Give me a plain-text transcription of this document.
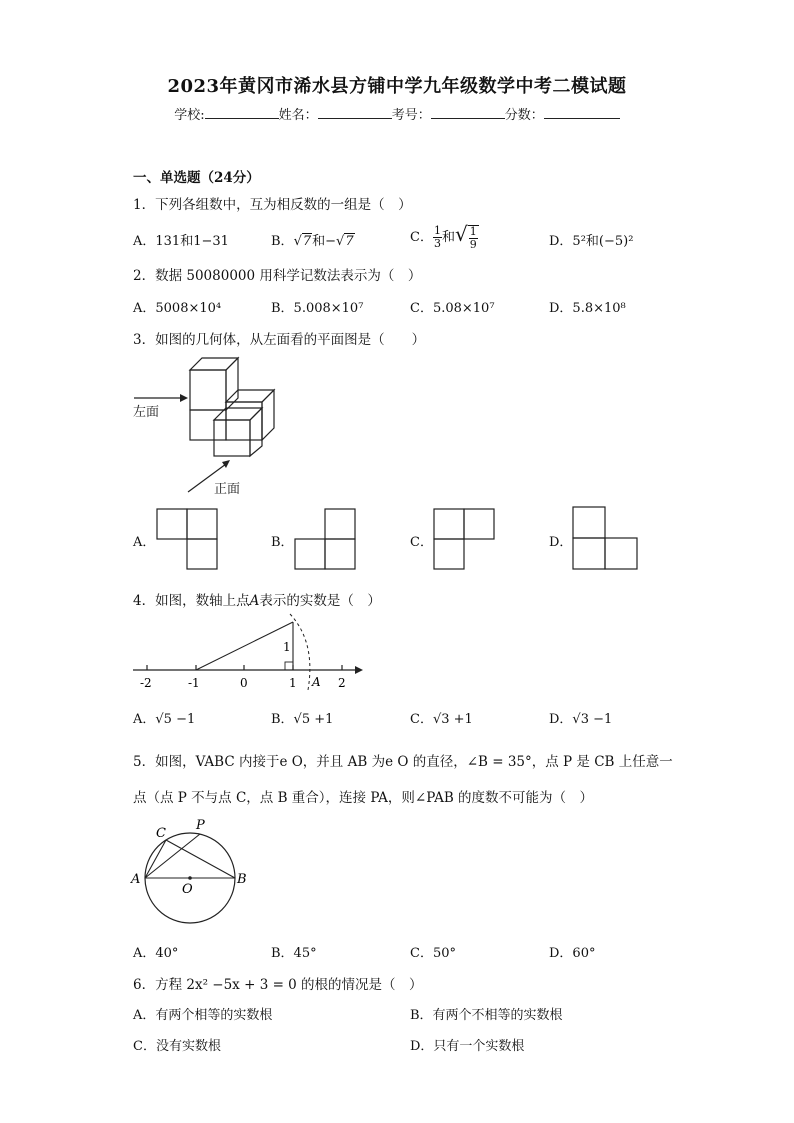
2023年黄冈市浠水县方铺中学九年级数学中考二模试题
学校:	姓名：	考号：	分数：
一、单选题（24分）
1．下列各组数中，互为相反数的一组是（　）
A．131和1−31	B．√7和−√7	C． $\frac{1}{3}$ 和√ $\frac{1}{9}$	D．5²和(−5)²
2．数据 50080000 用科学记数法表示为（　）
A．5008×10⁴	B．5.008×10⁷	C．5.08×10⁷	D．5.8×10⁸
3．如图的几何体，从左面看的平面图是（　　）
左面
正面
A．	B．	C．	D．
4．如图，数轴上点A表示的实数是（　）
-2	-1	0	1	2
1
A
A．√5 −1	B．√5 +1	C．√3 +1	D．√3 −1
5．如图，VABC 内接于e O，并且 AB 为e O 的直径，∠B = 35°，点 P 是 CB 上任意一
点（点 P 不与点 C，点 B 重合），连接 PA，则∠PAB 的度数不可能为（　）
C
P
A
O
B
A．40°	B．45°	C．50°	D．60°
6．方程 2x² −5x + 3 = 0 的根的情况是（　）
A．有两个相等的实数根	B．有两个不相等的实数根
C．没有实数根	D．只有一个实数根
